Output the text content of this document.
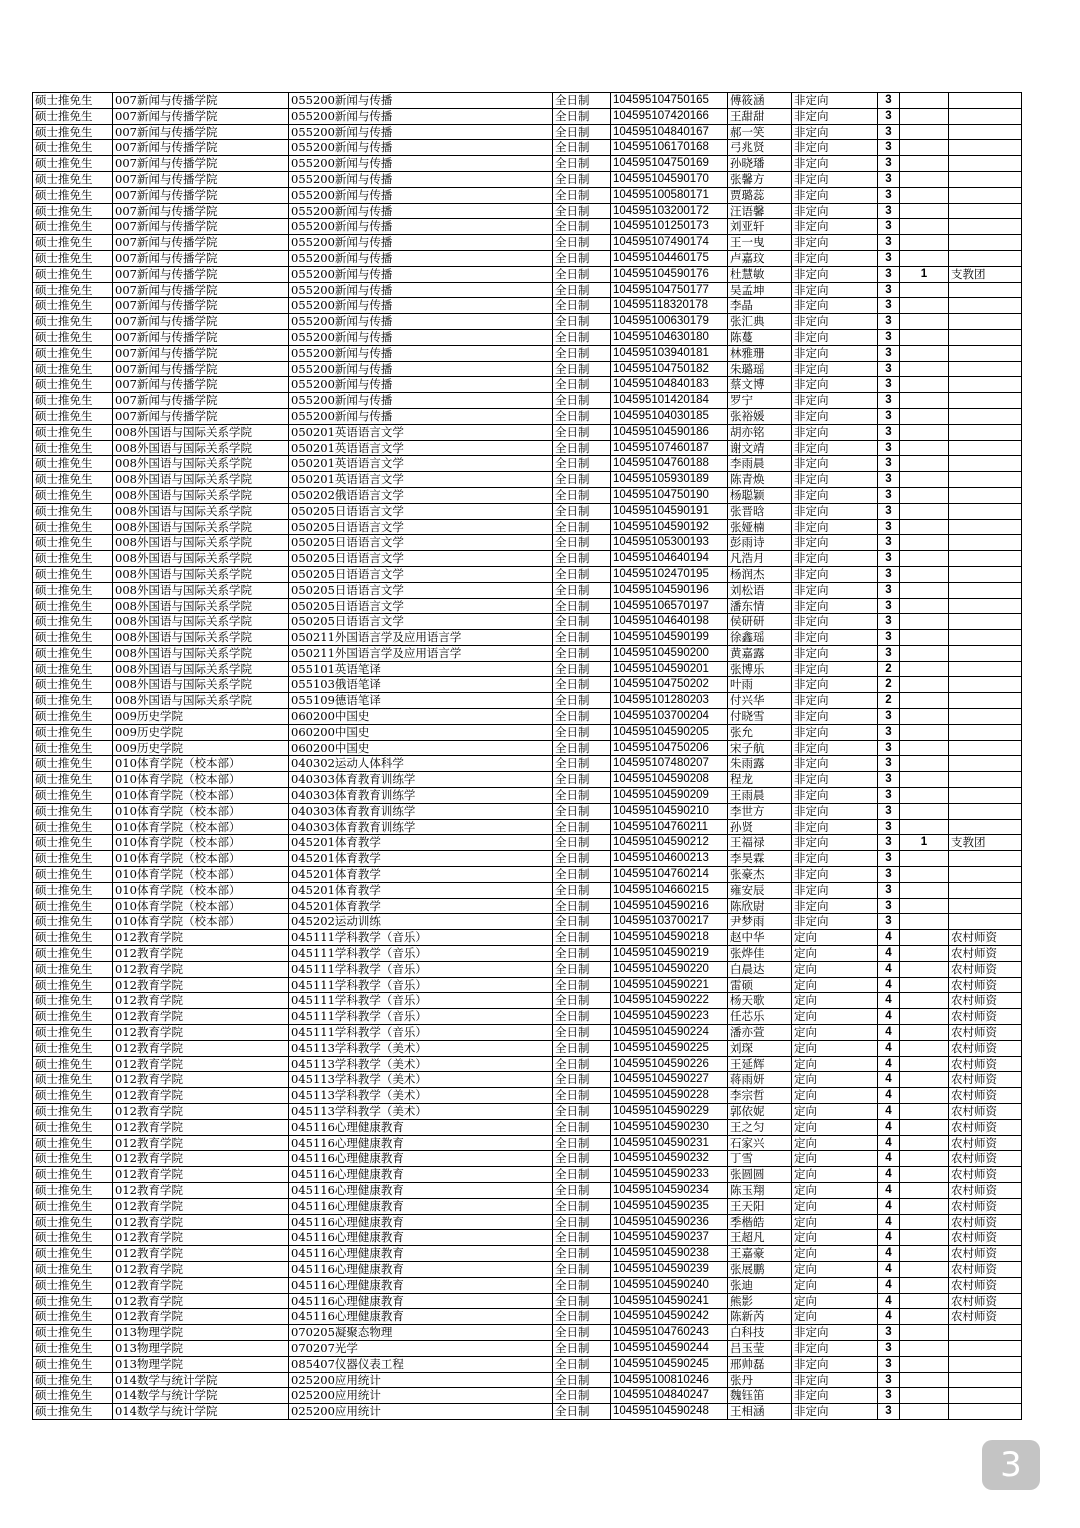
硕士推免生	007新闻与传播学院	055200新闻与传播	全日制	104595104750165	傅筱涵	非定向	3		
硕士推免生	007新闻与传播学院	055200新闻与传播	全日制	104595107420166	王甜甜	非定向	3		
硕士推免生	007新闻与传播学院	055200新闻与传播	全日制	104595104840167	郝一笑	非定向	3		
硕士推免生	007新闻与传播学院	055200新闻与传播	全日制	104595106170168	弓兆贤	非定向	3		
硕士推免生	007新闻与传播学院	055200新闻与传播	全日制	104595104750169	孙晓璠	非定向	3		
硕士推免生	007新闻与传播学院	055200新闻与传播	全日制	104595104590170	张馨方	非定向	3		
硕士推免生	007新闻与传播学院	055200新闻与传播	全日制	104595100580171	贾璐蕊	非定向	3		
硕士推免生	007新闻与传播学院	055200新闻与传播	全日制	104595103200172	汪语馨	非定向	3		
硕士推免生	007新闻与传播学院	055200新闻与传播	全日制	104595101250173	刘亚轩	非定向	3		
硕士推免生	007新闻与传播学院	055200新闻与传播	全日制	104595107490174	王一曳	非定向	3		
硕士推免生	007新闻与传播学院	055200新闻与传播	全日制	104595104460175	卢嘉玟	非定向	3		
硕士推免生	007新闻与传播学院	055200新闻与传播	全日制	104595104590176	杜慧敏	非定向	3	1	支教团
硕士推免生	007新闻与传播学院	055200新闻与传播	全日制	104595104750177	吴孟坤	非定向	3		
硕士推免生	007新闻与传播学院	055200新闻与传播	全日制	104595118320178	李晶	非定向	3		
硕士推免生	007新闻与传播学院	055200新闻与传播	全日制	104595100630179	张汇典	非定向	3		
硕士推免生	007新闻与传播学院	055200新闻与传播	全日制	104595104630180	陈蔓	非定向	3		
硕士推免生	007新闻与传播学院	055200新闻与传播	全日制	104595103940181	林雅珊	非定向	3		
硕士推免生	007新闻与传播学院	055200新闻与传播	全日制	104595104750182	朱璐瑶	非定向	3		
硕士推免生	007新闻与传播学院	055200新闻与传播	全日制	104595104840183	蔡文博	非定向	3		
硕士推免生	007新闻与传播学院	055200新闻与传播	全日制	104595101420184	罗宁	非定向	3		
硕士推免生	007新闻与传播学院	055200新闻与传播	全日制	104595104030185	张裕媛	非定向	3		
硕士推免生	008外国语与国际关系学院	050201英语语言文学	全日制	104595104590186	胡亦铭	非定向	3		
硕士推免生	008外国语与国际关系学院	050201英语语言文学	全日制	104595107460187	谢文靖	非定向	3		
硕士推免生	008外国语与国际关系学院	050201英语语言文学	全日制	104595104760188	李雨晨	非定向	3		
硕士推免生	008外国语与国际关系学院	050201英语语言文学	全日制	104595105930189	陈青焕	非定向	3		
硕士推免生	008外国语与国际关系学院	050202俄语语言文学	全日制	104595104750190	杨聪颖	非定向	3		
硕士推免生	008外国语与国际关系学院	050205日语语言文学	全日制	104595104590191	张晋晗	非定向	3		
硕士推免生	008外国语与国际关系学院	050205日语语言文学	全日制	104595104590192	张娅楠	非定向	3		
硕士推免生	008外国语与国际关系学院	050205日语语言文学	全日制	104595105300193	彭雨诗	非定向	3		
硕士推免生	008外国语与国际关系学院	050205日语语言文学	全日制	104595104640194	凡浩月	非定向	3		
硕士推免生	008外国语与国际关系学院	050205日语语言文学	全日制	104595102470195	杨润杰	非定向	3		
硕士推免生	008外国语与国际关系学院	050205日语语言文学	全日制	104595104590196	刘松语	非定向	3		
硕士推免生	008外国语与国际关系学院	050205日语语言文学	全日制	104595106570197	潘东情	非定向	3		
硕士推免生	008外国语与国际关系学院	050205日语语言文学	全日制	104595104640198	侯研研	非定向	3		
硕士推免生	008外国语与国际关系学院	050211外国语言学及应用语言学	全日制	104595104590199	徐鑫瑶	非定向	3		
硕士推免生	008外国语与国际关系学院	050211外国语言学及应用语言学	全日制	104595104590200	黄嘉露	非定向	3		
硕士推免生	008外国语与国际关系学院	055101英语笔译	全日制	104595104590201	张博乐	非定向	2		
硕士推免生	008外国语与国际关系学院	055103俄语笔译	全日制	104595104750202	叶雨	非定向	2		
硕士推免生	008外国语与国际关系学院	055109德语笔译	全日制	104595101280203	付兴华	非定向	2		
硕士推免生	009历史学院	060200中国史	全日制	104595103700204	付晓雪	非定向	3		
硕士推免生	009历史学院	060200中国史	全日制	104595104590205	张允	非定向	3		
硕士推免生	009历史学院	060200中国史	全日制	104595104750206	宋子航	非定向	3		
硕士推免生	010体育学院（校本部）	040302运动人体科学	全日制	104595107480207	朱雨露	非定向	3		
硕士推免生	010体育学院（校本部）	040303体育教育训练学	全日制	104595104590208	程龙	非定向	3		
硕士推免生	010体育学院（校本部）	040303体育教育训练学	全日制	104595104590209	王雨晨	非定向	3		
硕士推免生	010体育学院（校本部）	040303体育教育训练学	全日制	104595104590210	李世方	非定向	3		
硕士推免生	010体育学院（校本部）	040303体育教育训练学	全日制	104595104760211	孙贤	非定向	3		
硕士推免生	010体育学院（校本部）	045201体育教学	全日制	104595104590212	王福禄	非定向	3	1	支教团
硕士推免生	010体育学院（校本部）	045201体育教学	全日制	104595104600213	李昊霖	非定向	3		
硕士推免生	010体育学院（校本部）	045201体育教学	全日制	104595104760214	张豪杰	非定向	3		
硕士推免生	010体育学院（校本部）	045201体育教学	全日制	104595104660215	雍安辰	非定向	3		
硕士推免生	010体育学院（校本部）	045201体育教学	全日制	104595104590216	陈欣尉	非定向	3		
硕士推免生	010体育学院（校本部）	045202运动训练	全日制	104595103700217	尹梦雨	非定向	3		
硕士推免生	012教育学院	045111学科教学（音乐）	全日制	104595104590218	赵中华	定向	4		农村师资
硕士推免生	012教育学院	045111学科教学（音乐）	全日制	104595104590219	张烨佳	定向	4		农村师资
硕士推免生	012教育学院	045111学科教学（音乐）	全日制	104595104590220	白晨达	定向	4		农村师资
硕士推免生	012教育学院	045111学科教学（音乐）	全日制	104595104590221	雷硕	定向	4		农村师资
硕士推免生	012教育学院	045111学科教学（音乐）	全日制	104595104590222	杨天歌	定向	4		农村师资
硕士推免生	012教育学院	045111学科教学（音乐）	全日制	104595104590223	任芯乐	定向	4		农村师资
硕士推免生	012教育学院	045111学科教学（音乐）	全日制	104595104590224	潘亦萱	定向	4		农村师资
硕士推免生	012教育学院	045113学科教学（美术）	全日制	104595104590225	刘琛	定向	4		农村师资
硕士推免生	012教育学院	045113学科教学（美术）	全日制	104595104590226	王延辉	定向	4		农村师资
硕士推免生	012教育学院	045113学科教学（美术）	全日制	104595104590227	蒋雨妍	定向	4		农村师资
硕士推免生	012教育学院	045113学科教学（美术）	全日制	104595104590228	李宗哲	定向	4		农村师资
硕士推免生	012教育学院	045113学科教学（美术）	全日制	104595104590229	郭依妮	定向	4		农村师资
硕士推免生	012教育学院	045116心理健康教育	全日制	104595104590230	王之匀	定向	4		农村师资
硕士推免生	012教育学院	045116心理健康教育	全日制	104595104590231	石家兴	定向	4		农村师资
硕士推免生	012教育学院	045116心理健康教育	全日制	104595104590232	丁雪	定向	4		农村师资
硕士推免生	012教育学院	045116心理健康教育	全日制	104595104590233	张圆圆	定向	4		农村师资
硕士推免生	012教育学院	045116心理健康教育	全日制	104595104590234	陈玉翔	定向	4		农村师资
硕士推免生	012教育学院	045116心理健康教育	全日制	104595104590235	王天阳	定向	4		农村师资
硕士推免生	012教育学院	045116心理健康教育	全日制	104595104590236	季楷皓	定向	4		农村师资
硕士推免生	012教育学院	045116心理健康教育	全日制	104595104590237	王超凡	定向	4		农村师资
硕士推免生	012教育学院	045116心理健康教育	全日制	104595104590238	王嘉豪	定向	4		农村师资
硕士推免生	012教育学院	045116心理健康教育	全日制	104595104590239	张展鹏	定向	4		农村师资
硕士推免生	012教育学院	045116心理健康教育	全日制	104595104590240	张迪	定向	4		农村师资
硕士推免生	012教育学院	045116心理健康教育	全日制	104595104590241	熊影	定向	4		农村师资
硕士推免生	012教育学院	045116心理健康教育	全日制	104595104590242	陈新芮	定向	4		农村师资
硕士推免生	013物理学院	070205凝聚态物理	全日制	104595104760243	白科技	非定向	3		
硕士推免生	013物理学院	070207光学	全日制	104595104590244	吕玉莹	非定向	3		
硕士推免生	013物理学院	085407仪器仪表工程	全日制	104595104590245	邢帅磊	非定向	3		
硕士推免生	014数学与统计学院	025200应用统计	全日制	104595100810246	张丹	非定向	3		
硕士推免生	014数学与统计学院	025200应用统计	全日制	104595104840247	魏钰笛	非定向	3		
硕士推免生	014数学与统计学院	025200应用统计	全日制	104595104590248	王相涵	非定向	3		
3
